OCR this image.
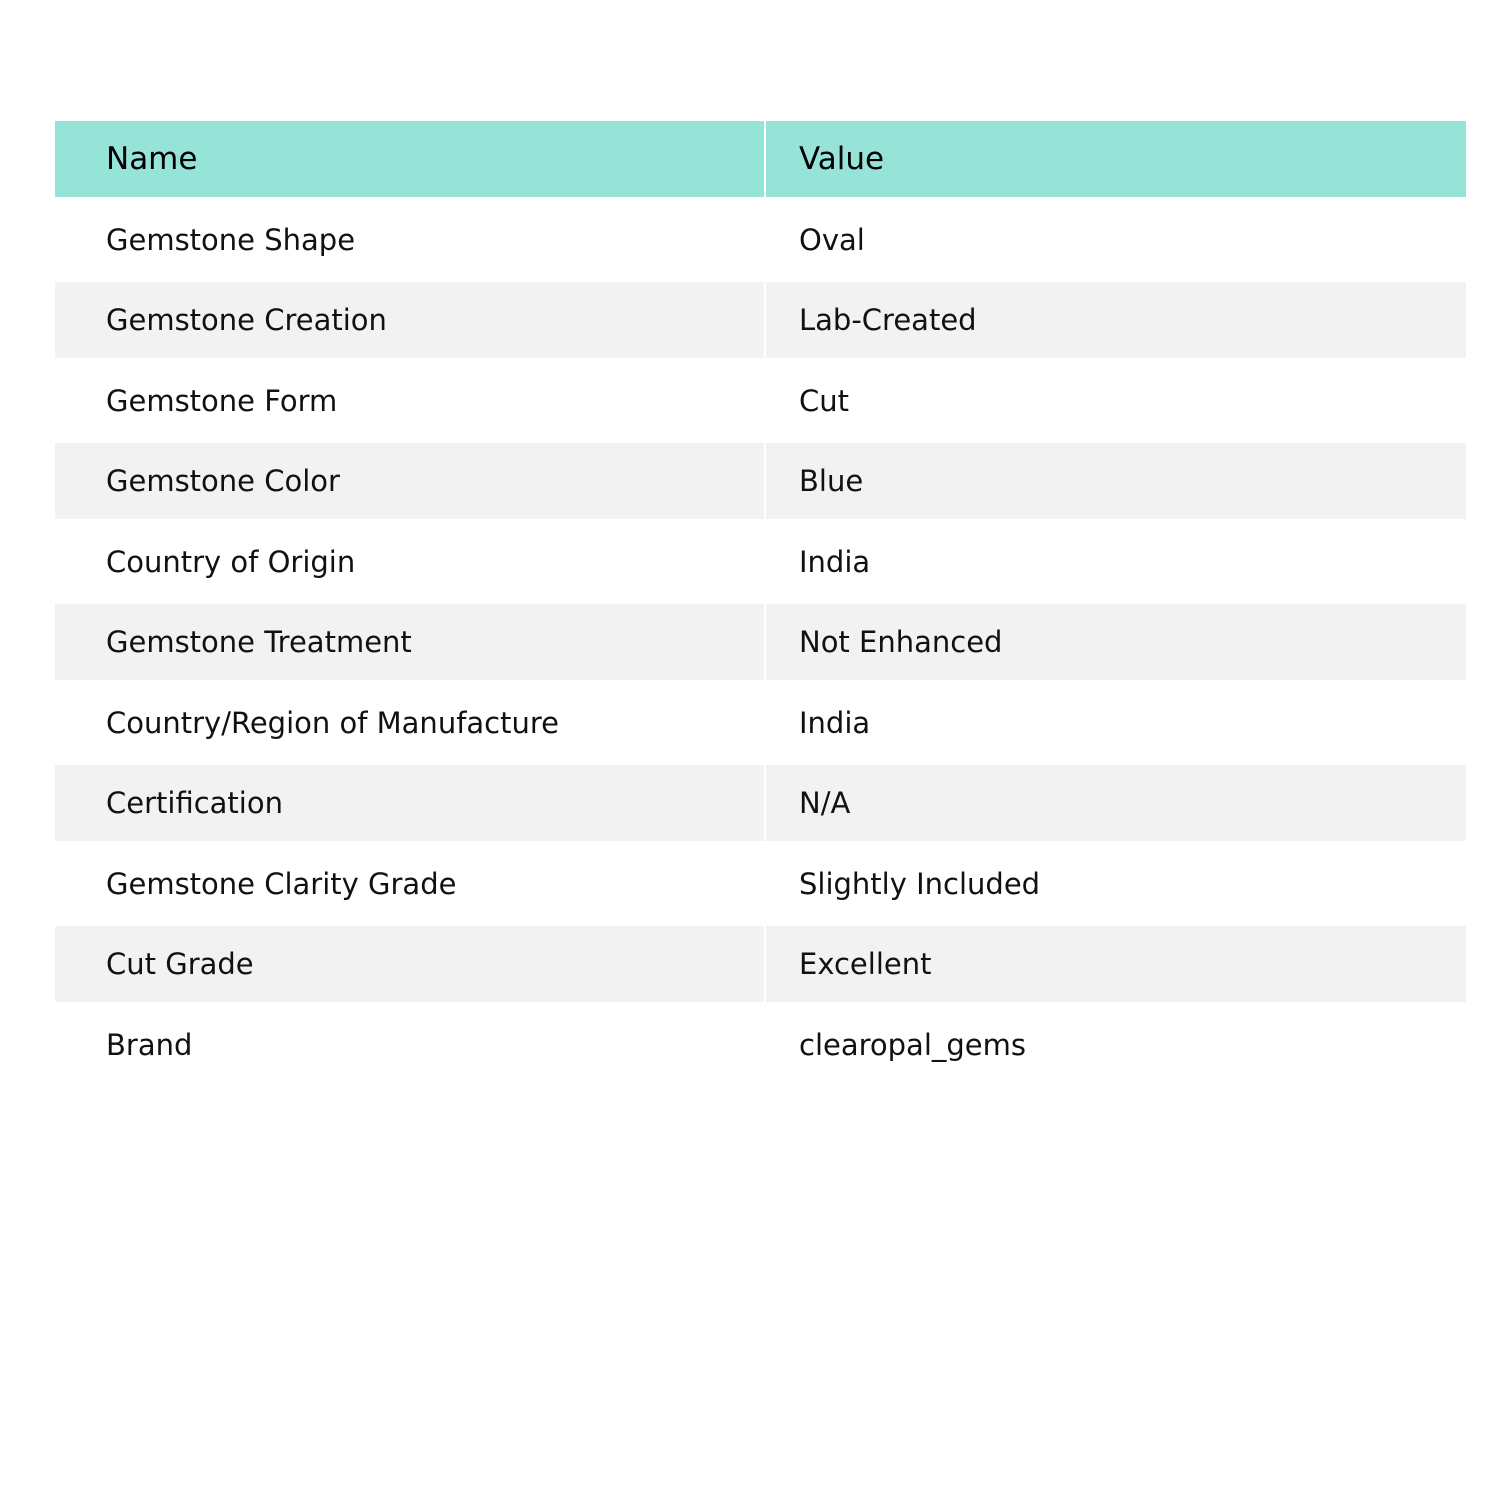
Name	Value
Gemstone Shape	Oval
Gemstone Creation	Lab-Created
Gemstone Form	Cut
Gemstone Color	Blue
Country of Origin	India
Gemstone Treatment	Not Enhanced
Country/Region of Manufacture	India
Certification	N/A
Gemstone Clarity Grade	Slightly Included
Cut Grade	Excellent
Brand	clearopal_gems
